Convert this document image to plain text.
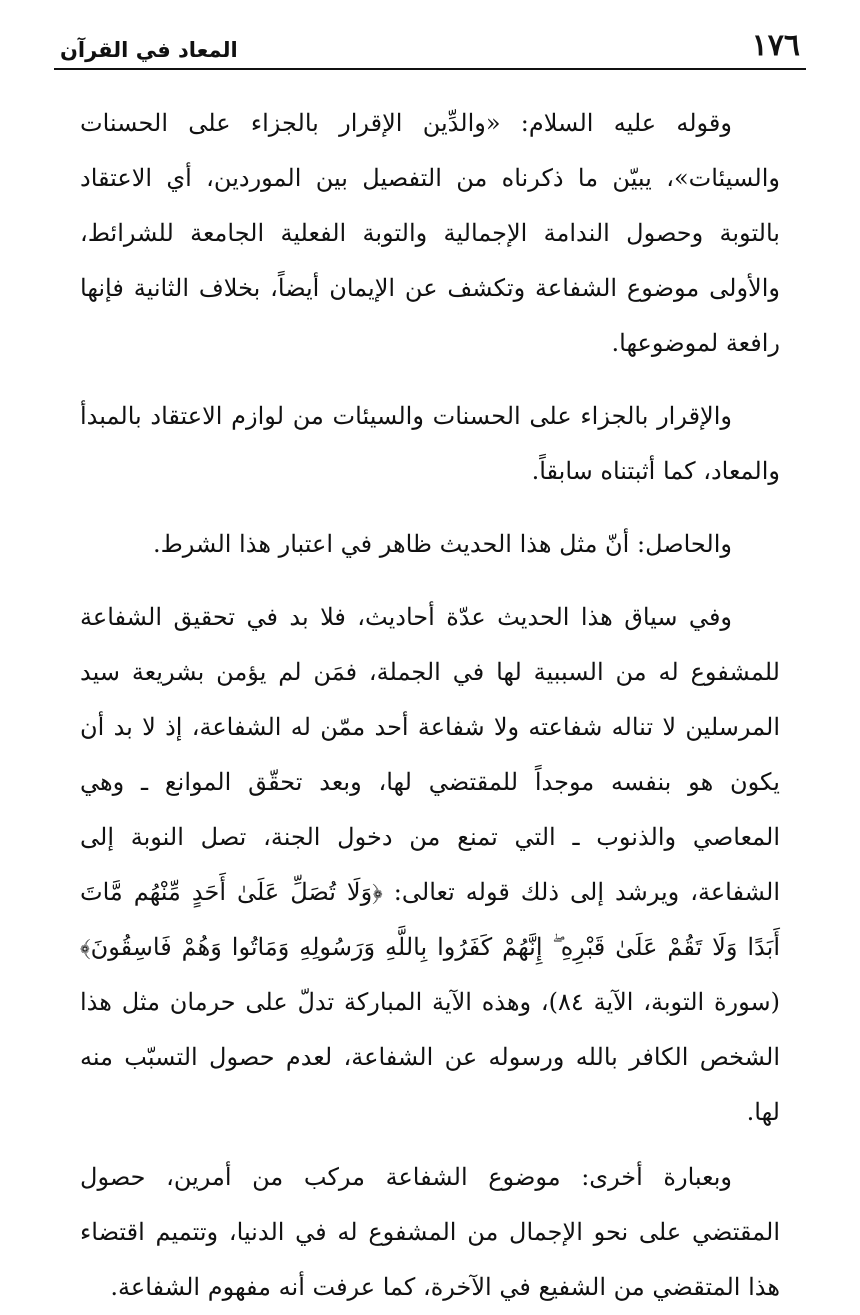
١٧٦
المعاد في القرآن

وقوله عليه السلام: «والدِّين الإقرار بالجزاء على الحسنات والسيئات»، يبيّن ما ذكرناه من التفصيل بين الموردين، أي الاعتقاد بالتوبة وحصول الندامة الإجمالية والتوبة الفعلية الجامعة للشرائط، والأولى موضوع الشفاعة وتكشف عن الإيمان أيضاً، بخلاف الثانية فإنها رافعة لموضوعها.

والإقرار بالجزاء على الحسنات والسيئات من لوازم الاعتقاد بالمبدأ والمعاد، كما أثبتناه سابقاً.

والحاصل: أنّ مثل هذا الحديث ظاهر في اعتبار هذا الشرط.

وفي سياق هذا الحديث عدّة أحاديث، فلا بد في تحقيق الشفاعة للمشفوع له من السببية لها في الجملة، فمَن لم يؤمن بشريعة سيد المرسلين لا تناله شفاعته ولا شفاعة أحد ممّن له الشفاعة، إذ لا بد أن يكون هو بنفسه موجداً للمقتضي لها، وبعد تحقّق الموانع ـ وهي المعاصي والذنوب ـ التي تمنع من دخول الجنة، تصل النوبة إلى الشفاعة، ويرشد إلى ذلك قوله تعالى: ﴿وَلَا تُصَلِّ عَلَىٰ أَحَدٍ مِّنْهُم مَّاتَ أَبَدًا وَلَا تَقُمْ عَلَىٰ قَبْرِهِ ۖ إِنَّهُمْ كَفَرُوا بِاللَّهِ وَرَسُولِهِ وَمَاتُوا وَهُمْ فَاسِقُونَ﴾ (سورة التوبة، الآية ٨٤)، وهذه الآية المباركة تدلّ على حرمان مثل هذا الشخص الكافر بالله ورسوله عن الشفاعة، لعدم حصول التسبّب منه لها.

وبعبارة أخرى: موضوع الشفاعة مركب من أمرين، حصول المقتضي على نحو الإجمال من المشفوع له في الدنيا، وتتميم اقتضاء هذا المتقضي من الشفيع في الآخرة، كما عرفت أنه مفهوم الشفاعة.
